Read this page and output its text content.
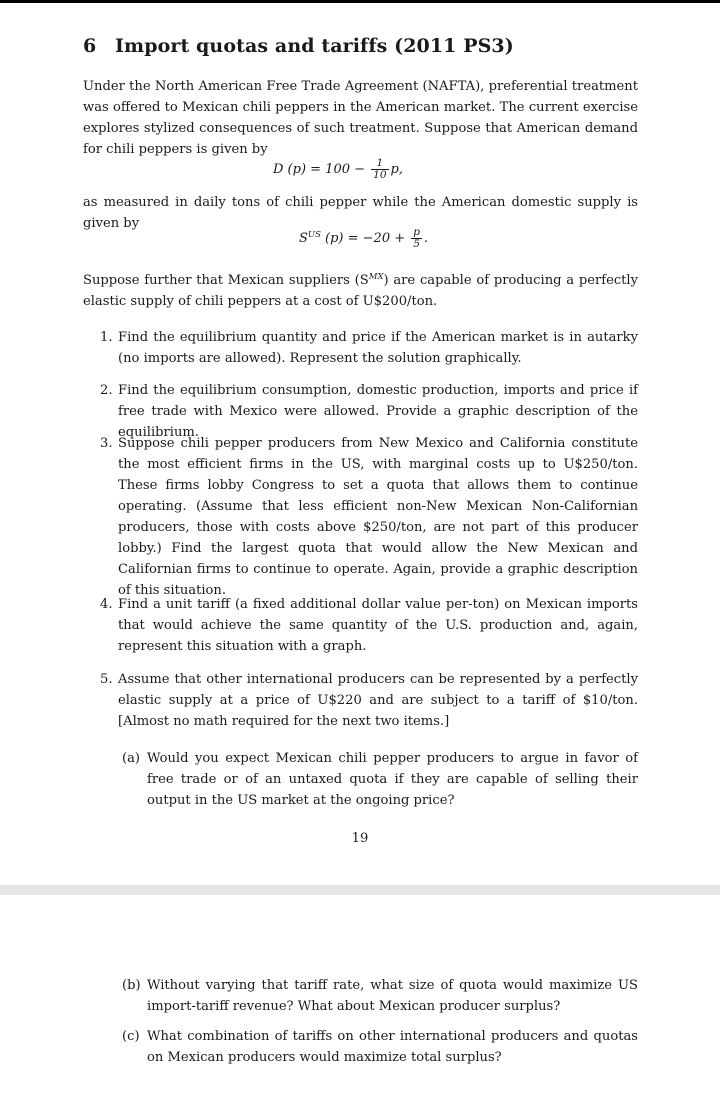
6 Import quotas and tariffs (2011 PS3)
Under the North American Free Trade Agreement (NAFTA), preferential treatment was offered to Mexican chili peppers in the American market. The current exercise explores stylized consequences of such treatment. Suppose that American demand for chili peppers is given by
D $(p) = 100 - \frac{1}{10} p$,
as measured in daily tons of chili pepper while the American domestic supply is given by
$S^{US}$ $(p) = -20 + \frac{p}{5}$ .
Suppose further that Mexican suppliers $(S^{MX})$ are capable of producing a perfectly elastic supply of chili peppers at a cost of U$200/ton.
1. Find the equilibrium quantity and price if the American market is in autarky (no imports are allowed). Represent the solution graphically.
2. Find the equilibrium consumption, domestic production, imports and price if free trade with Mexico were allowed. Provide a graphic description of the equilibrium.
3. Suppose chili pepper producers from New Mexico and California constitute the most efficient firms in the US, with marginal costs up to U$250/ton. These firms lobby Congress to set a quota that allows them to continue operating. (Assume that less efficient non-New Mexican Non-Californian producers, those with costs above $250/ton, are not part of this producer lobby.) Find the largest quota that would allow the New Mexican and Californian firms to continue to operate. Again, provide a graphic description of this situation.
4. Find a unit tariff (a fixed additional dollar value per-ton) on Mexican imports that would achieve the same quantity of the U.S. production and, again, represent this situation with a graph.
5. Assume that other international producers can be represented by a perfectly elastic supply at a price of U$220 and are subject to a tariff of $10/ton. [Almost no math required for the next two items.]
(a) Would you expect Mexican chili pepper producers to argue in favor of free trade or of an untaxed quota if they are capable of selling their output in the US market at the ongoing price?
19
(b) Without varying that tariff rate, what size of quota would maximize US import-tariff revenue? What about Mexican producer surplus?
(c) What combination of tariffs on other international producers and quotas on Mexican producers would maximize total surplus?
